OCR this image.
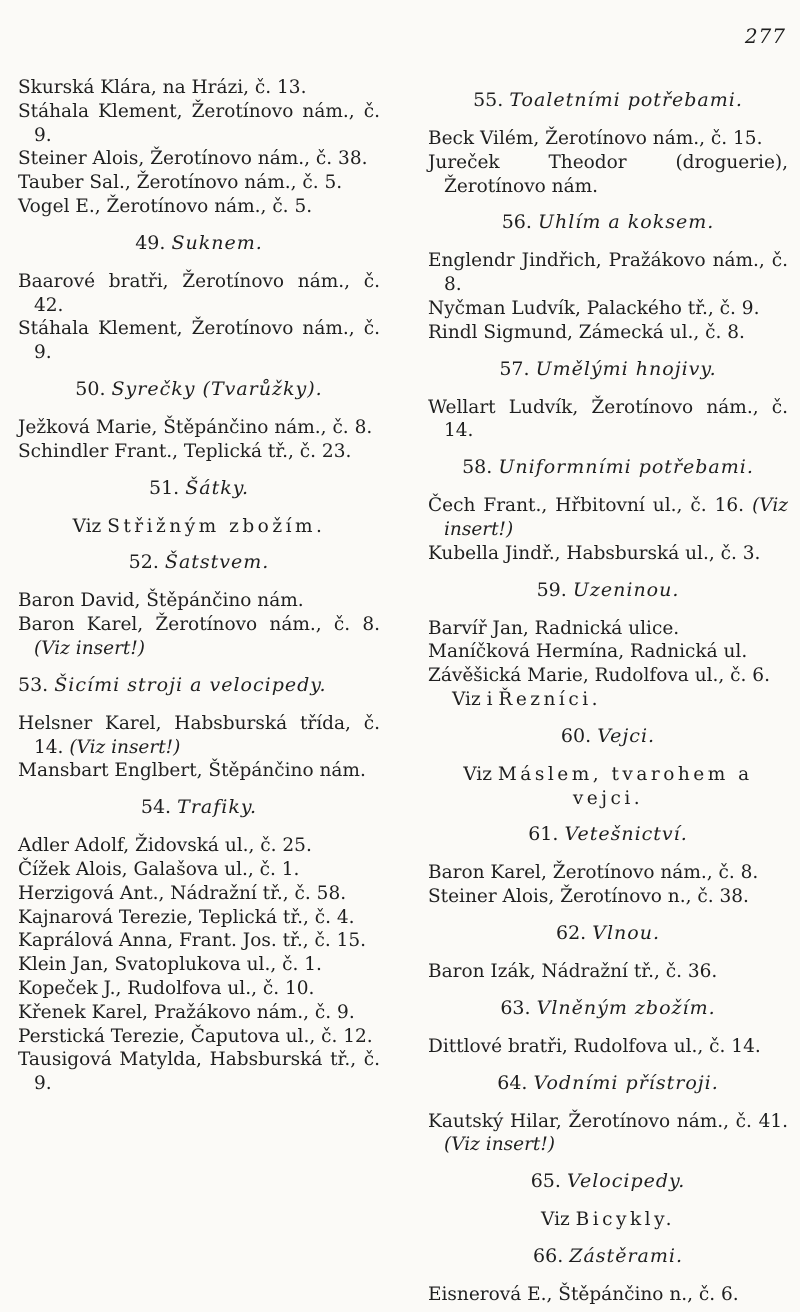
277
Skurská Klára, na Hrázi, č. 13.
Stáhala Klement, Žerotínovo nám., č. 9.
Steiner Alois, Žerotínovo nám., č. 38.
Tauber Sal., Žerotínovo nám., č. 5.
Vogel E., Žerotínovo nám., č. 5.
49. Suknem.
Baarové bratři, Žerotínovo nám., č. 42.
Stáhala Klement, Žerotínovo nám., č. 9.
50. Syrečky (Tvarůžky).
Ježková Marie, Štěpánčino nám., č. 8.
Schindler Frant., Teplická tř., č. 23.
51. Šátky.
Viz Střižným zbožím.
52. Šatstvem.
Baron David, Štěpánčino nám.
Baron Karel, Žerotínovo nám., č. 8. (Viz insert!)
53. Šicími stroji a velocipedy.
Helsner Karel, Habsburská třída, č. 14. (Viz insert!)
Mansbart Englbert, Štěpánčino nám.
54. Trafiky.
Adler Adolf, Židovská ul., č. 25.
Čížek Alois, Galašova ul., č. 1.
Herzigová Ant., Nádražní tř., č. 58.
Kajnarová Terezie, Teplická tř., č. 4.
Kaprálová Anna, Frant. Jos. tř., č. 15.
Klein Jan, Svatoplukova ul., č. 1.
Kopeček J., Rudolfova ul., č. 10.
Křenek Karel, Pražákovo nám., č. 9.
Perstická Terezie, Čaputova ul., č. 12.
Tausigová Matylda, Habsburská tř., č. 9.
55. Toaletními potřebami.
Beck Vilém, Žerotínovo nám., č. 15.
Jureček Theodor (droguerie), Žerotínovo nám.
56. Uhlím a koksem.
Englendr Jindřich, Pražákovo nám., č. 8.
Nyčman Ludvík, Palackého tř., č. 9.
Rindl Sigmund, Zámecká ul., č. 8.
57. Umělými hnojivy.
Wellart Ludvík, Žerotínovo nám., č. 14.
58. Uniformními potřebami.
Čech Frant., Hřbitovní ul., č. 16. (Viz insert!)
Kubella Jindř., Habsburská ul., č. 3.
59. Uzeninou.
Barvíř Jan, Radnická ulice.
Maníčková Hermína, Radnická ul.
Závěšická Marie, Rudolfova ul., č. 6.
Viz i Řezníci.
60. Vejci.
Viz Máslem, tvarohem a vejci.
61. Vetešnictví.
Baron Karel, Žerotínovo nám., č. 8.
Steiner Alois, Žerotínovo n., č. 38.
62. Vlnou.
Baron Izák, Nádražní tř., č. 36.
63. Vlněným zbožím.
Dittlové bratři, Rudolfova ul., č. 14.
64. Vodními přístroji.
Kautský Hilar, Žerotínovo nám., č. 41. (Viz insert!)
65. Velocipedy.
Viz Bicykly.
66. Zástěrami.
Eisnerová E., Štěpánčino n., č. 6.
